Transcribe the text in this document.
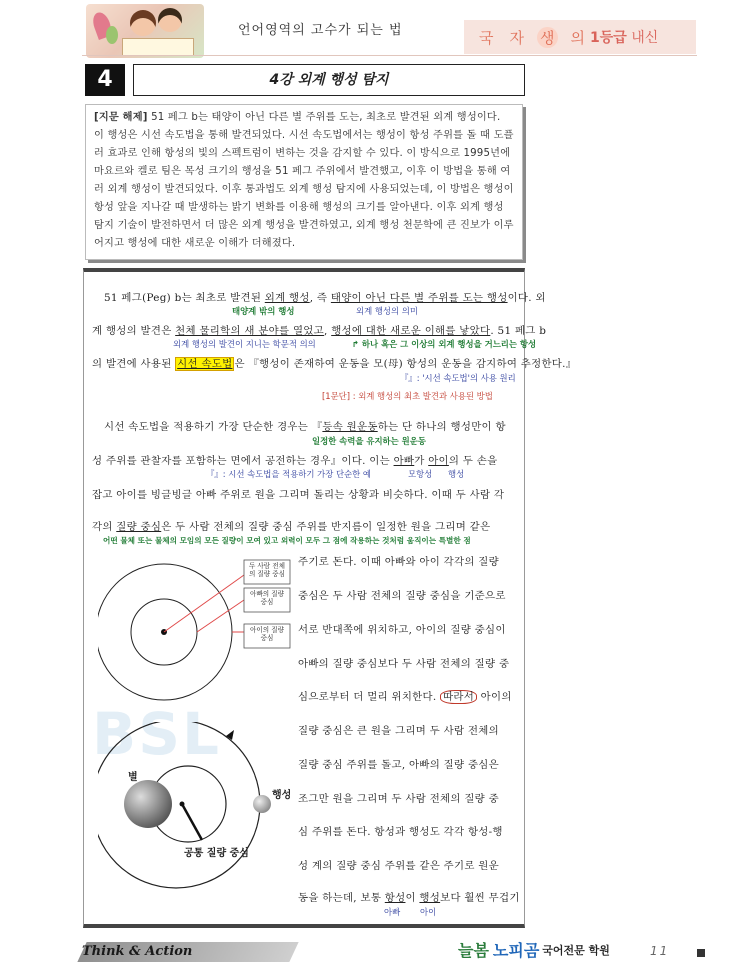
언어영역의 고수가 되는 법	국 자 생 의 1등급 내신
4	4강 외계 행성 탐지
[지문 해제] 51 페그 b는 태양이 아닌 다른 별 주위를 도는, 최초로 발견된 외계 행성이다.
이 행성은 시선 속도법을 통해 발견되었다. 시선 속도법에서는 행성이 항성 주위를 돌 때 도플
러 효과로 인해 항성의 빛의 스펙트럼이 변하는 것을 감지할 수 있다. 이 방식으로 1995년에
마요르와 켈로 팀은 목성 크기의 행성을 51 페그 주위에서 발견했고, 이후 이 방법을 통해 여
러 외계 행성이 발견되었다. 이후 통과법도 외계 행성 탐지에 사용되었는데, 이 방법은 행성이
항성 앞을 지나갈 때 발생하는 밝기 변화를 이용해 행성의 크기를 알아낸다. 이후 외계 행성
탐지 기술이 발전하면서 더 많은 외계 행성을 발견하였고, 외계 행성 천문학에 큰 진보가 이루
어지고 행성에 대한 새로운 이해가 더해졌다.
BSL
51 페그(Peg) b는 최초로 발견된 외계 행성, 즉 태양이 아닌 다른 별 주위를 도는 행성이다. 외
태양계 밖의 행성	외계 행성의 의미
계 행성의 발견은 천체 물리학의 새 분야를 열었고, 행성에 대한 새로운 이해를 낳았다. 51 페그 b
외계 행성의 발견이 지니는 학문적 의의	↱ 하나 혹은 그 이상의 외계 행성을 거느리는 항성
의 발견에 사용된 시선 속도법 은 『행성이 존재하여 운동을 모(母) 항성의 운동을 감지하여 추정한다.』
『』: '시선 속도법'의 사용 원리
[1문단] : 외계 행성의 최초 발견과 사용된 방법
시선 속도법을 적용하기 가장 단순한 경우는 『등속 원운동하는 단 하나의 행성만이 항
일정한 속력을 유지하는 원운동
성 주위를 관찰자를 포함하는 면에서 공전하는 경우』이다. 이는 아빠가 아이의 두 손을
『』: 시선 속도법을 적용하기 가장 단순한 예	모항성 행성
잡고 아이를 빙글빙글 아빠 주위로 원을 그리며 돌리는 상황과 비슷하다. 이때 두 사람 각
각의 질량 중심은 두 사람 전체의 질량 중심 주위를 반지름이 일정한 원을 그리며 같은
어떤 물체 또는 물체의 모임의 모든 질량이 모여 있고 외력이 모두 그 점에 작용하는 것처럼 움직이는 특별한 점
주기로 돈다. 이때 아빠와 아이 각각의 질량
중심은 두 사람 전체의 질량 중심을 기준으로
서로 반대쪽에 위치하고, 아이의 질량 중심이
아빠의 질량 중심보다 두 사람 전체의 질량 중
심으로부터 더 멀리 위치한다. 따라서 아이의
질량 중심은 큰 원을 그리며 두 사람 전체의
질량 중심 주위를 돌고, 아빠의 질량 중심은
조그만 원을 그리며 두 사람 전체의 질량 중
심 주위를 돈다. 항성과 행성도 각각 항성-행
성 계의 질량 중심 주위를 같은 주기로 원운
동을 하는데, 보통 항성이 행성보다 훨씬 무겁기
아빠 아이
두 사람 전체의 질량 중심
아빠의 질량 중심
아이의 질량 중심
별
행성
공통 질량 중심
Think & Action	늘봄 노피곰 국어전문 학원	11
